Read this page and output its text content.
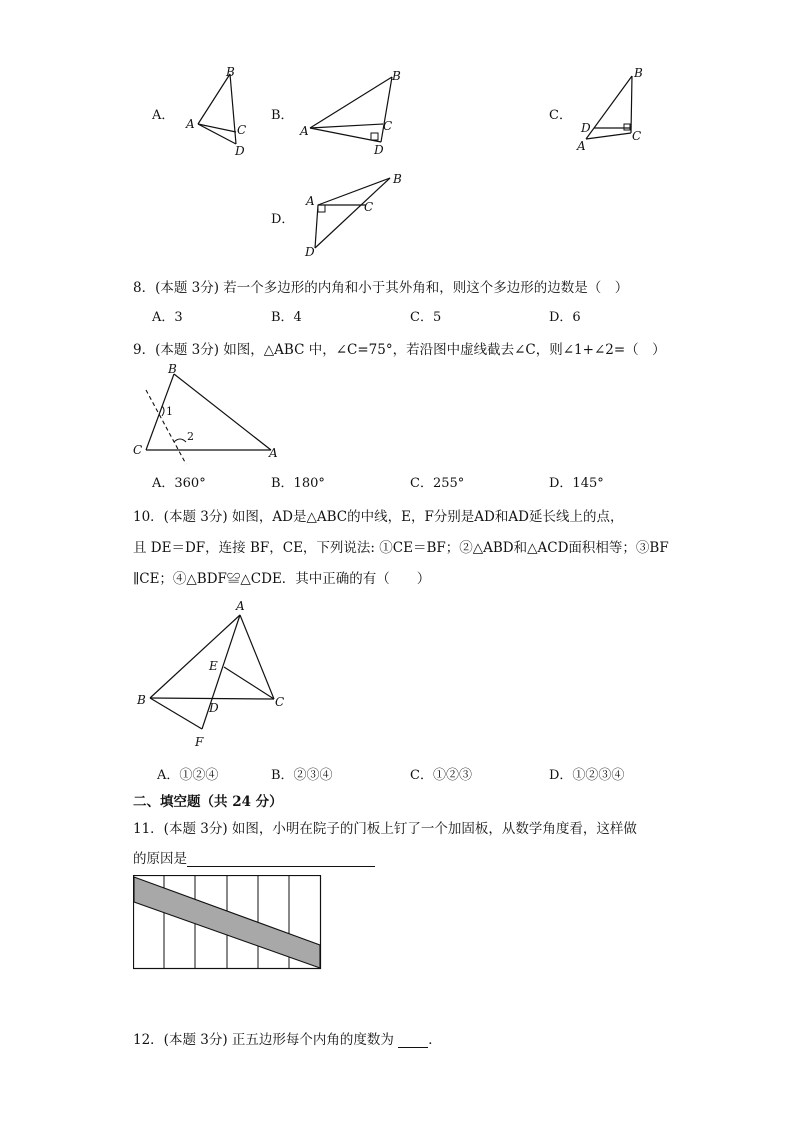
A．
B
A	C
D
B．
B
A	C
D
C．
B
D
A
C
D．
A
B
C
D
8．(本题 3分) 若一个多边形的内角和小于其外角和，则这个多边形的边数是（　）
A．3	B．4	C．5	D．6
9．(本题 3分) 如图，△ABC 中，∠C=75°，若沿图中虚线截去∠C，则∠1+∠2=（　）
B
C	A
1
2
A．360°	B．180°	C．255°	D．145°
10．(本题 3分) 如图，AD是△ABC的中线，E，F分别是AD和AD延长线上的点，
且 DE＝DF，连接 BF，CE，下列说法: ①CE＝BF；②△ABD和△ACD面积相等；③BF
∥CE；④△BDF≌△CDE．其中正确的有（　　）
A
B	C
D
E
F
A．①②④	B．②③④	C．①②③	D．①②③④
二、填空题（共 24 分）
11．(本题 3分) 如图，小明在院子的门板上钉了一个加固板，从数学角度看，这样做
的原因是
12．(本题 3分) 正五边形每个内角的度数为	．
